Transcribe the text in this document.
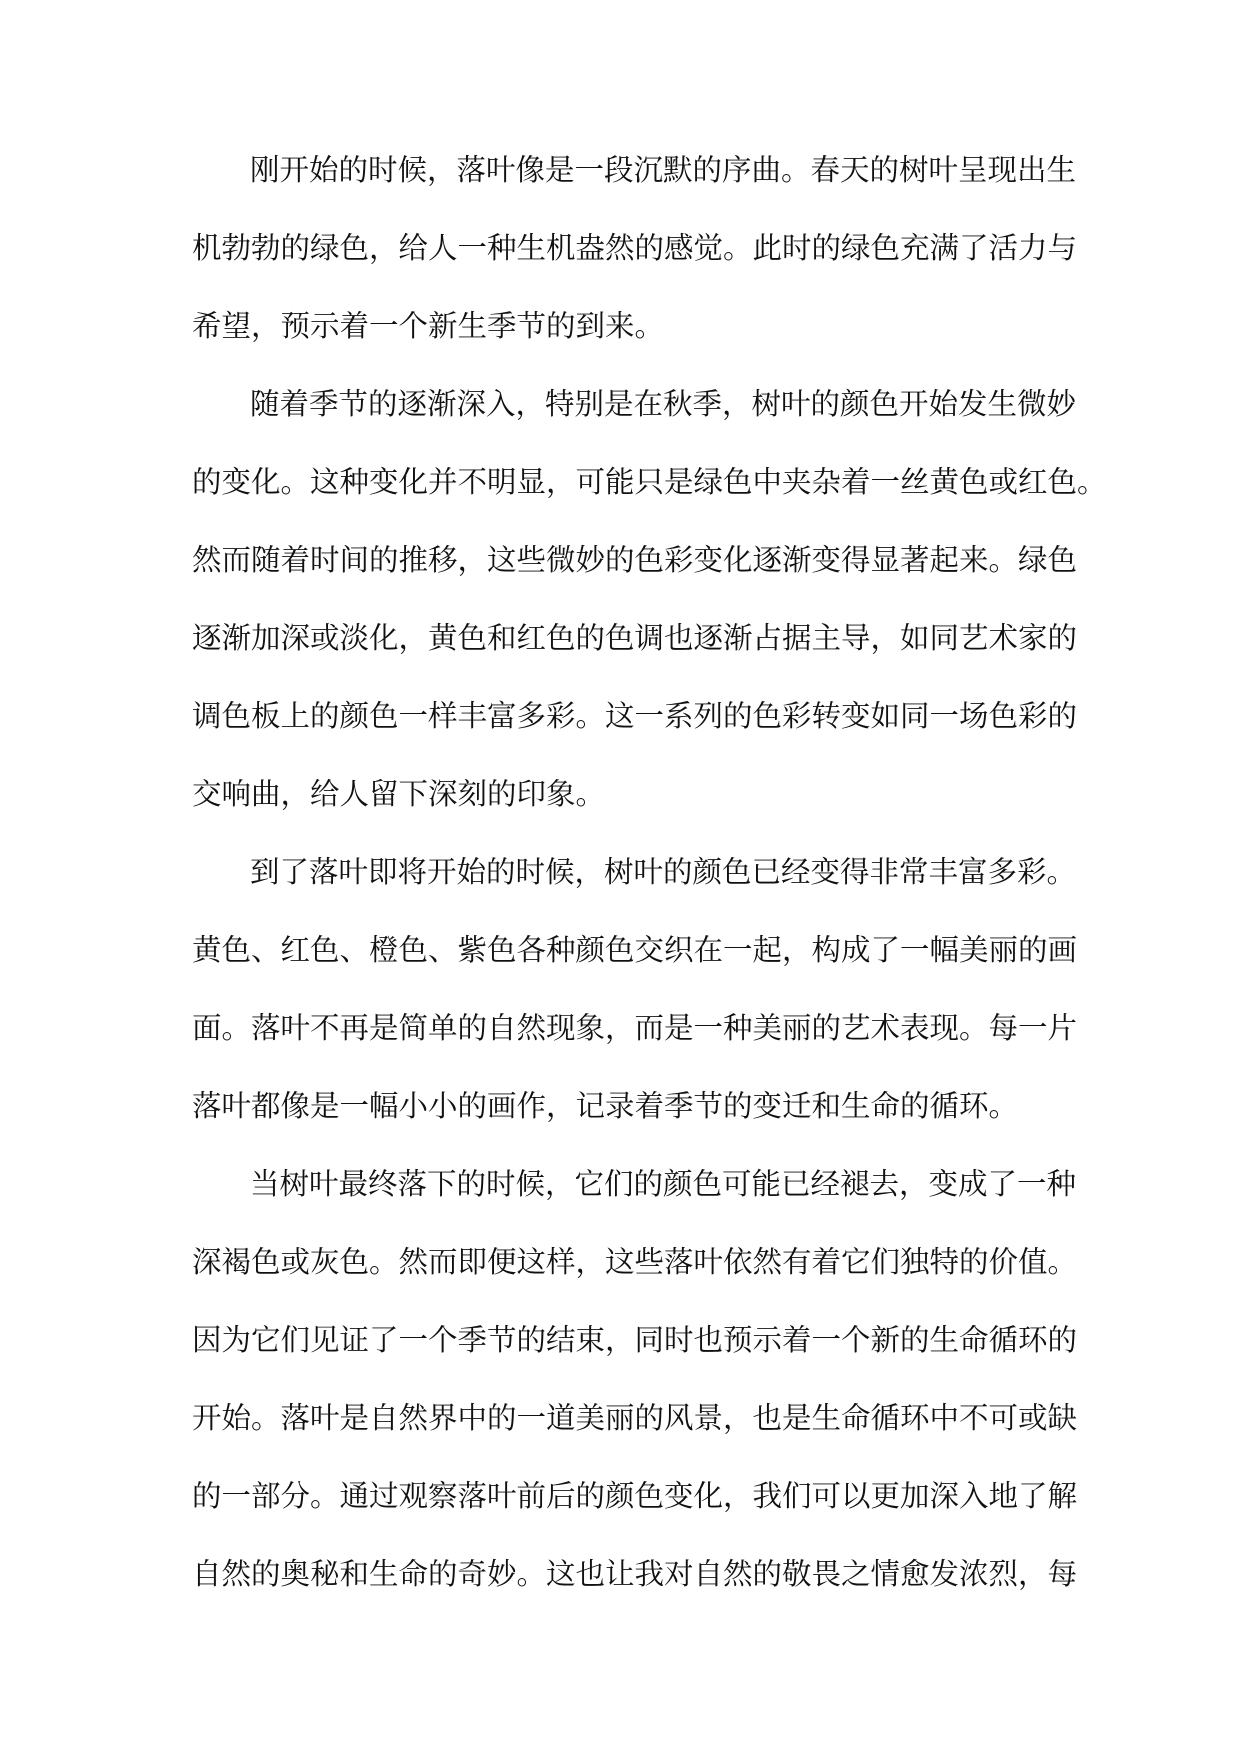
刚开始的时候，落叶像是一段沉默的序曲。春天的树叶呈现出生
机勃勃的绿色，给人一种生机盎然的感觉。此时的绿色充满了活力与
希望，预示着一个新生季节的到来。
随着季节的逐渐深入，特别是在秋季，树叶的颜色开始发生微妙
的变化。这种变化并不明显，可能只是绿色中夹杂着一丝黄色或红色。
然而随着时间的推移，这些微妙的色彩变化逐渐变得显著起来。绿色
逐渐加深或淡化，黄色和红色的色调也逐渐占据主导，如同艺术家的
调色板上的颜色一样丰富多彩。这一系列的色彩转变如同一场色彩的
交响曲，给人留下深刻的印象。
到了落叶即将开始的时候，树叶的颜色已经变得非常丰富多彩。
黄色、红色、橙色、紫色各种颜色交织在一起，构成了一幅美丽的画
面。落叶不再是简单的自然现象，而是一种美丽的艺术表现。每一片
落叶都像是一幅小小的画作，记录着季节的变迁和生命的循环。
当树叶最终落下的时候，它们的颜色可能已经褪去，变成了一种
深褐色或灰色。然而即便这样，这些落叶依然有着它们独特的价值。
因为它们见证了一个季节的结束，同时也预示着一个新的生命循环的
开始。落叶是自然界中的一道美丽的风景，也是生命循环中不可或缺
的一部分。通过观察落叶前后的颜色变化，我们可以更加深入地了解
自然的奥秘和生命的奇妙。这也让我对自然的敬畏之情愈发浓烈，每
